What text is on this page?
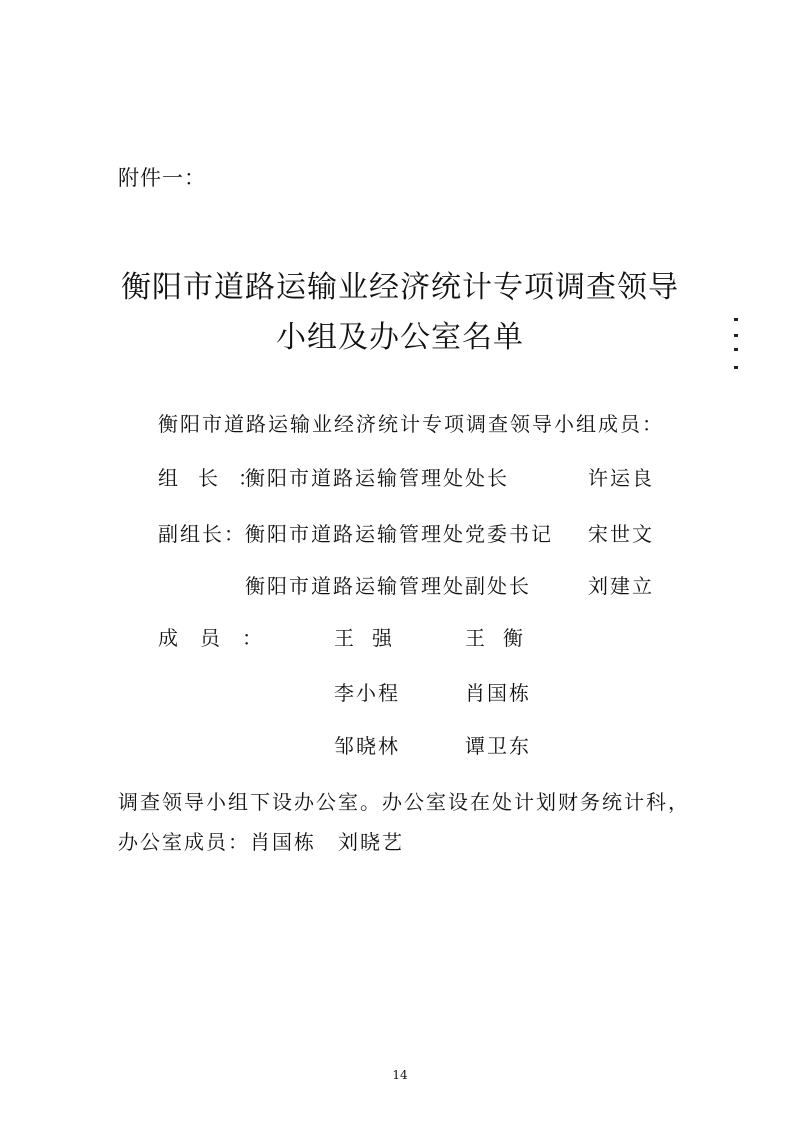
附件一：
衡阳市道路运输业经济统计专项调查领导
小组及办公室名单
衡阳市道路运输业经济统计专项调查领导小组成员：
组长：
衡阳市道路运输管理处处长	许运良
副组长： 衡阳市道路运输管理处党委书记 宋世文
衡阳市道路运输管理处副处长	刘建立
成员：	王强	王衡
李小程	肖国栋
邹晓林	谭卫东
调查领导小组下设办公室。办公室设在处计划财务统计科，
办公室成员：肖国栋　刘晓艺
14
